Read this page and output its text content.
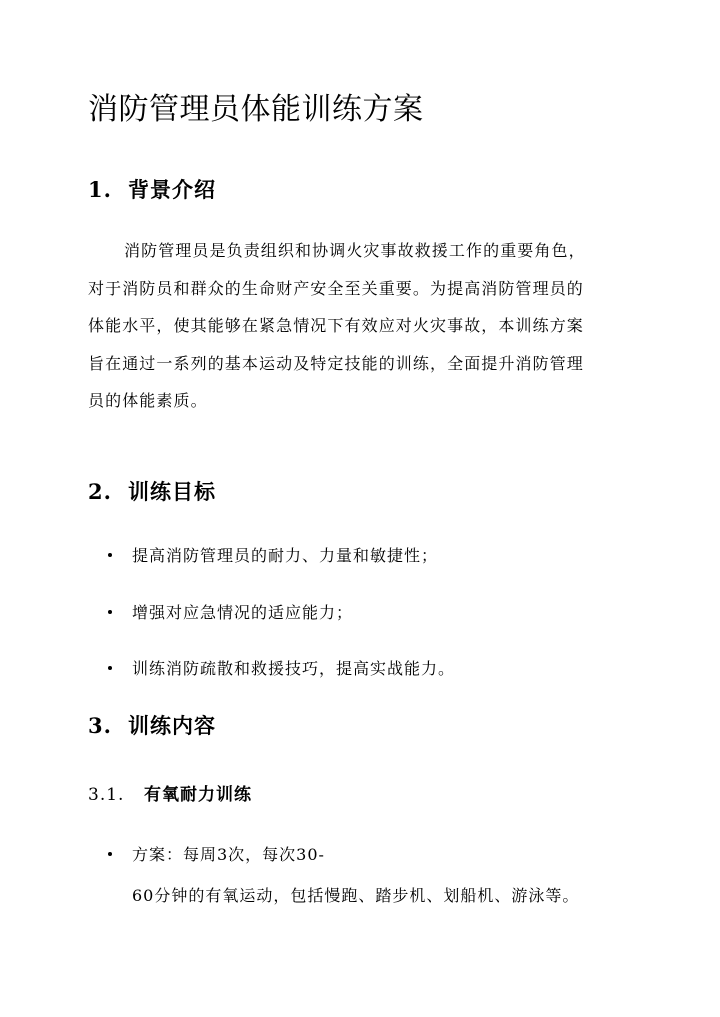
消防管理员体能训练方案
1. 背景介绍

消防管理员是负责组织和协调火灾事故救援工作的重要角色，
对于消防员和群众的生命财产安全至关重要。为提高消防管理员的
体能水平，使其能够在紧急情况下有效应对火灾事故，本训练方案
旨在通过一系列的基本运动及特定技能的训练，全面提升消防管理
员的体能素质。

2. 训练目标

提高消防管理员的耐力、力量和敏捷性；

增强对应急情况的适应能力；

训练消防疏散和救援技巧，提高实战能力。

3. 训练内容
3.1. 有氧耐力训练

方案：每周3次，每次30-

60分钟的有氧运动，包括慢跑、踏步机、划船机、游泳等。
